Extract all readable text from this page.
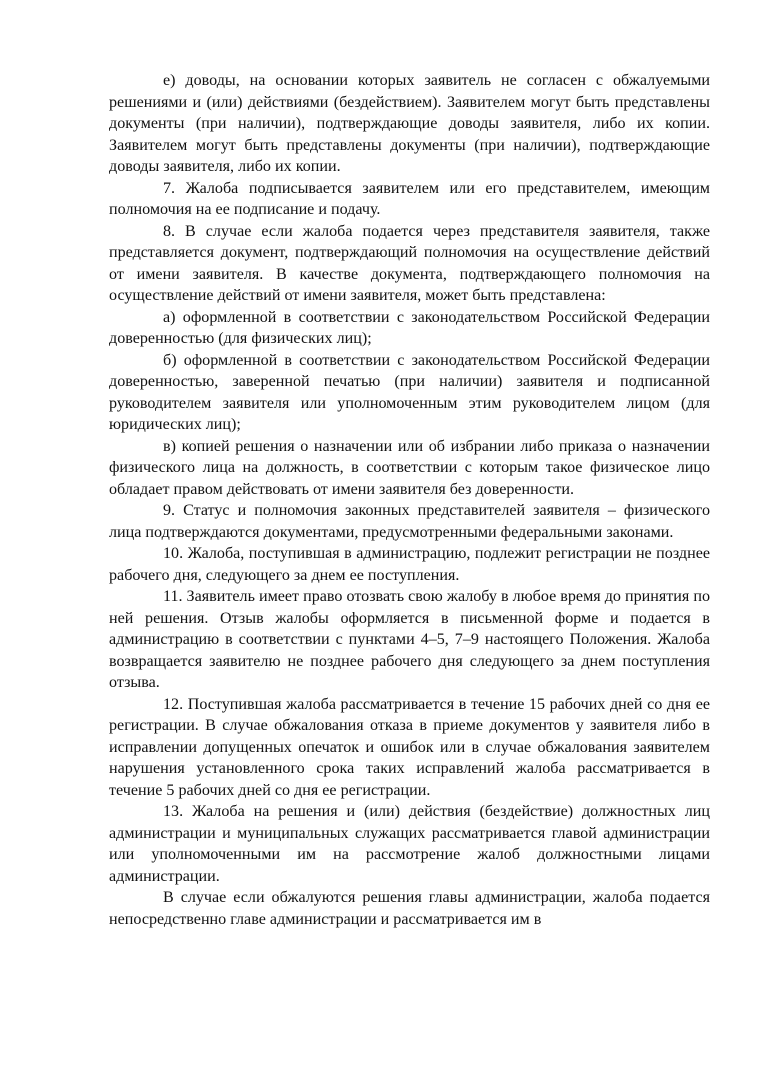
е) доводы, на основании которых заявитель не согласен с обжалуемыми решениями и (или) действиями (бездействием). Заявителем могут быть представлены документы (при наличии), подтверждающие доводы заявителя, либо их копии. Заявителем могут быть представлены документы (при наличии), подтверждающие доводы заявителя, либо их копии.

7. Жалоба подписывается заявителем или его представителем, имеющим полномочия на ее подписание и подачу.

8. В случае если жалоба подается через представителя заявителя, также представляется документ, подтверждающий полномочия на осуществление действий от имени заявителя. В качестве документа, подтверждающего полномочия на осуществление действий от имени заявителя, может быть представлена:

а) оформленной в соответствии с законодательством Российской Федерации доверенностью (для физических лиц);

б) оформленной в соответствии с законодательством Российской Федерации доверенностью, заверенной печатью (при наличии) заявителя и подписанной руководителем заявителя или уполномоченным этим руководителем лицом (для юридических лиц);

в) копией решения о назначении или об избрании либо приказа о назначении физического лица на должность, в соответствии с которым такое физическое лицо обладает правом действовать от имени заявителя без доверенности.

9. Статус и полномочия законных представителей заявителя – физического лица подтверждаются документами, предусмотренными федеральными законами.

10. Жалоба, поступившая в администрацию, подлежит регистрации не позднее рабочего дня, следующего за днем ее поступления.

11. Заявитель имеет право отозвать свою жалобу в любое время до принятия по ней решения. Отзыв жалобы оформляется в письменной форме и подается в администрацию в соответствии с пунктами 4–5, 7–9 настоящего Положения. Жалоба возвращается заявителю не позднее рабочего дня следующего за днем поступления отзыва.

12. Поступившая жалоба рассматривается в течение 15 рабочих дней со дня ее регистрации. В случае обжалования отказа в приеме документов у заявителя либо в исправлении допущенных опечаток и ошибок или в случае обжалования заявителем нарушения установленного срока таких исправлений жалоба рассматривается в течение 5 рабочих дней со дня ее регистрации.

13. Жалоба на решения и (или) действия (бездействие) должностных лиц администрации и муниципальных служащих рассматривается главой администрации или уполномоченными им на рассмотрение жалоб должностными лицами администрации.

В случае если обжалуются решения главы администрации, жалоба подается непосредственно главе администрации и рассматривается им в
